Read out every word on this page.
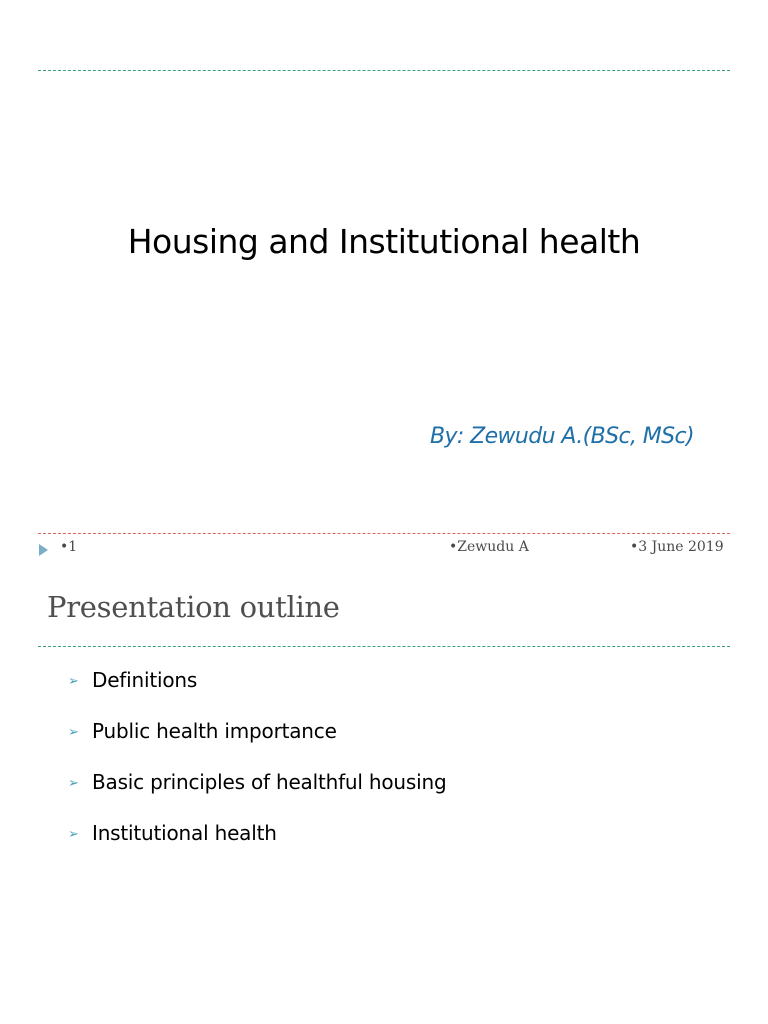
Housing and Institutional health
By: Zewudu A.(BSc, MSc)
•1	•Zewudu A	•3 June 2019
Presentation outline
➢ Definitions
➢ Public health importance
➢ Basic principles of healthful housing
➢ Institutional health
